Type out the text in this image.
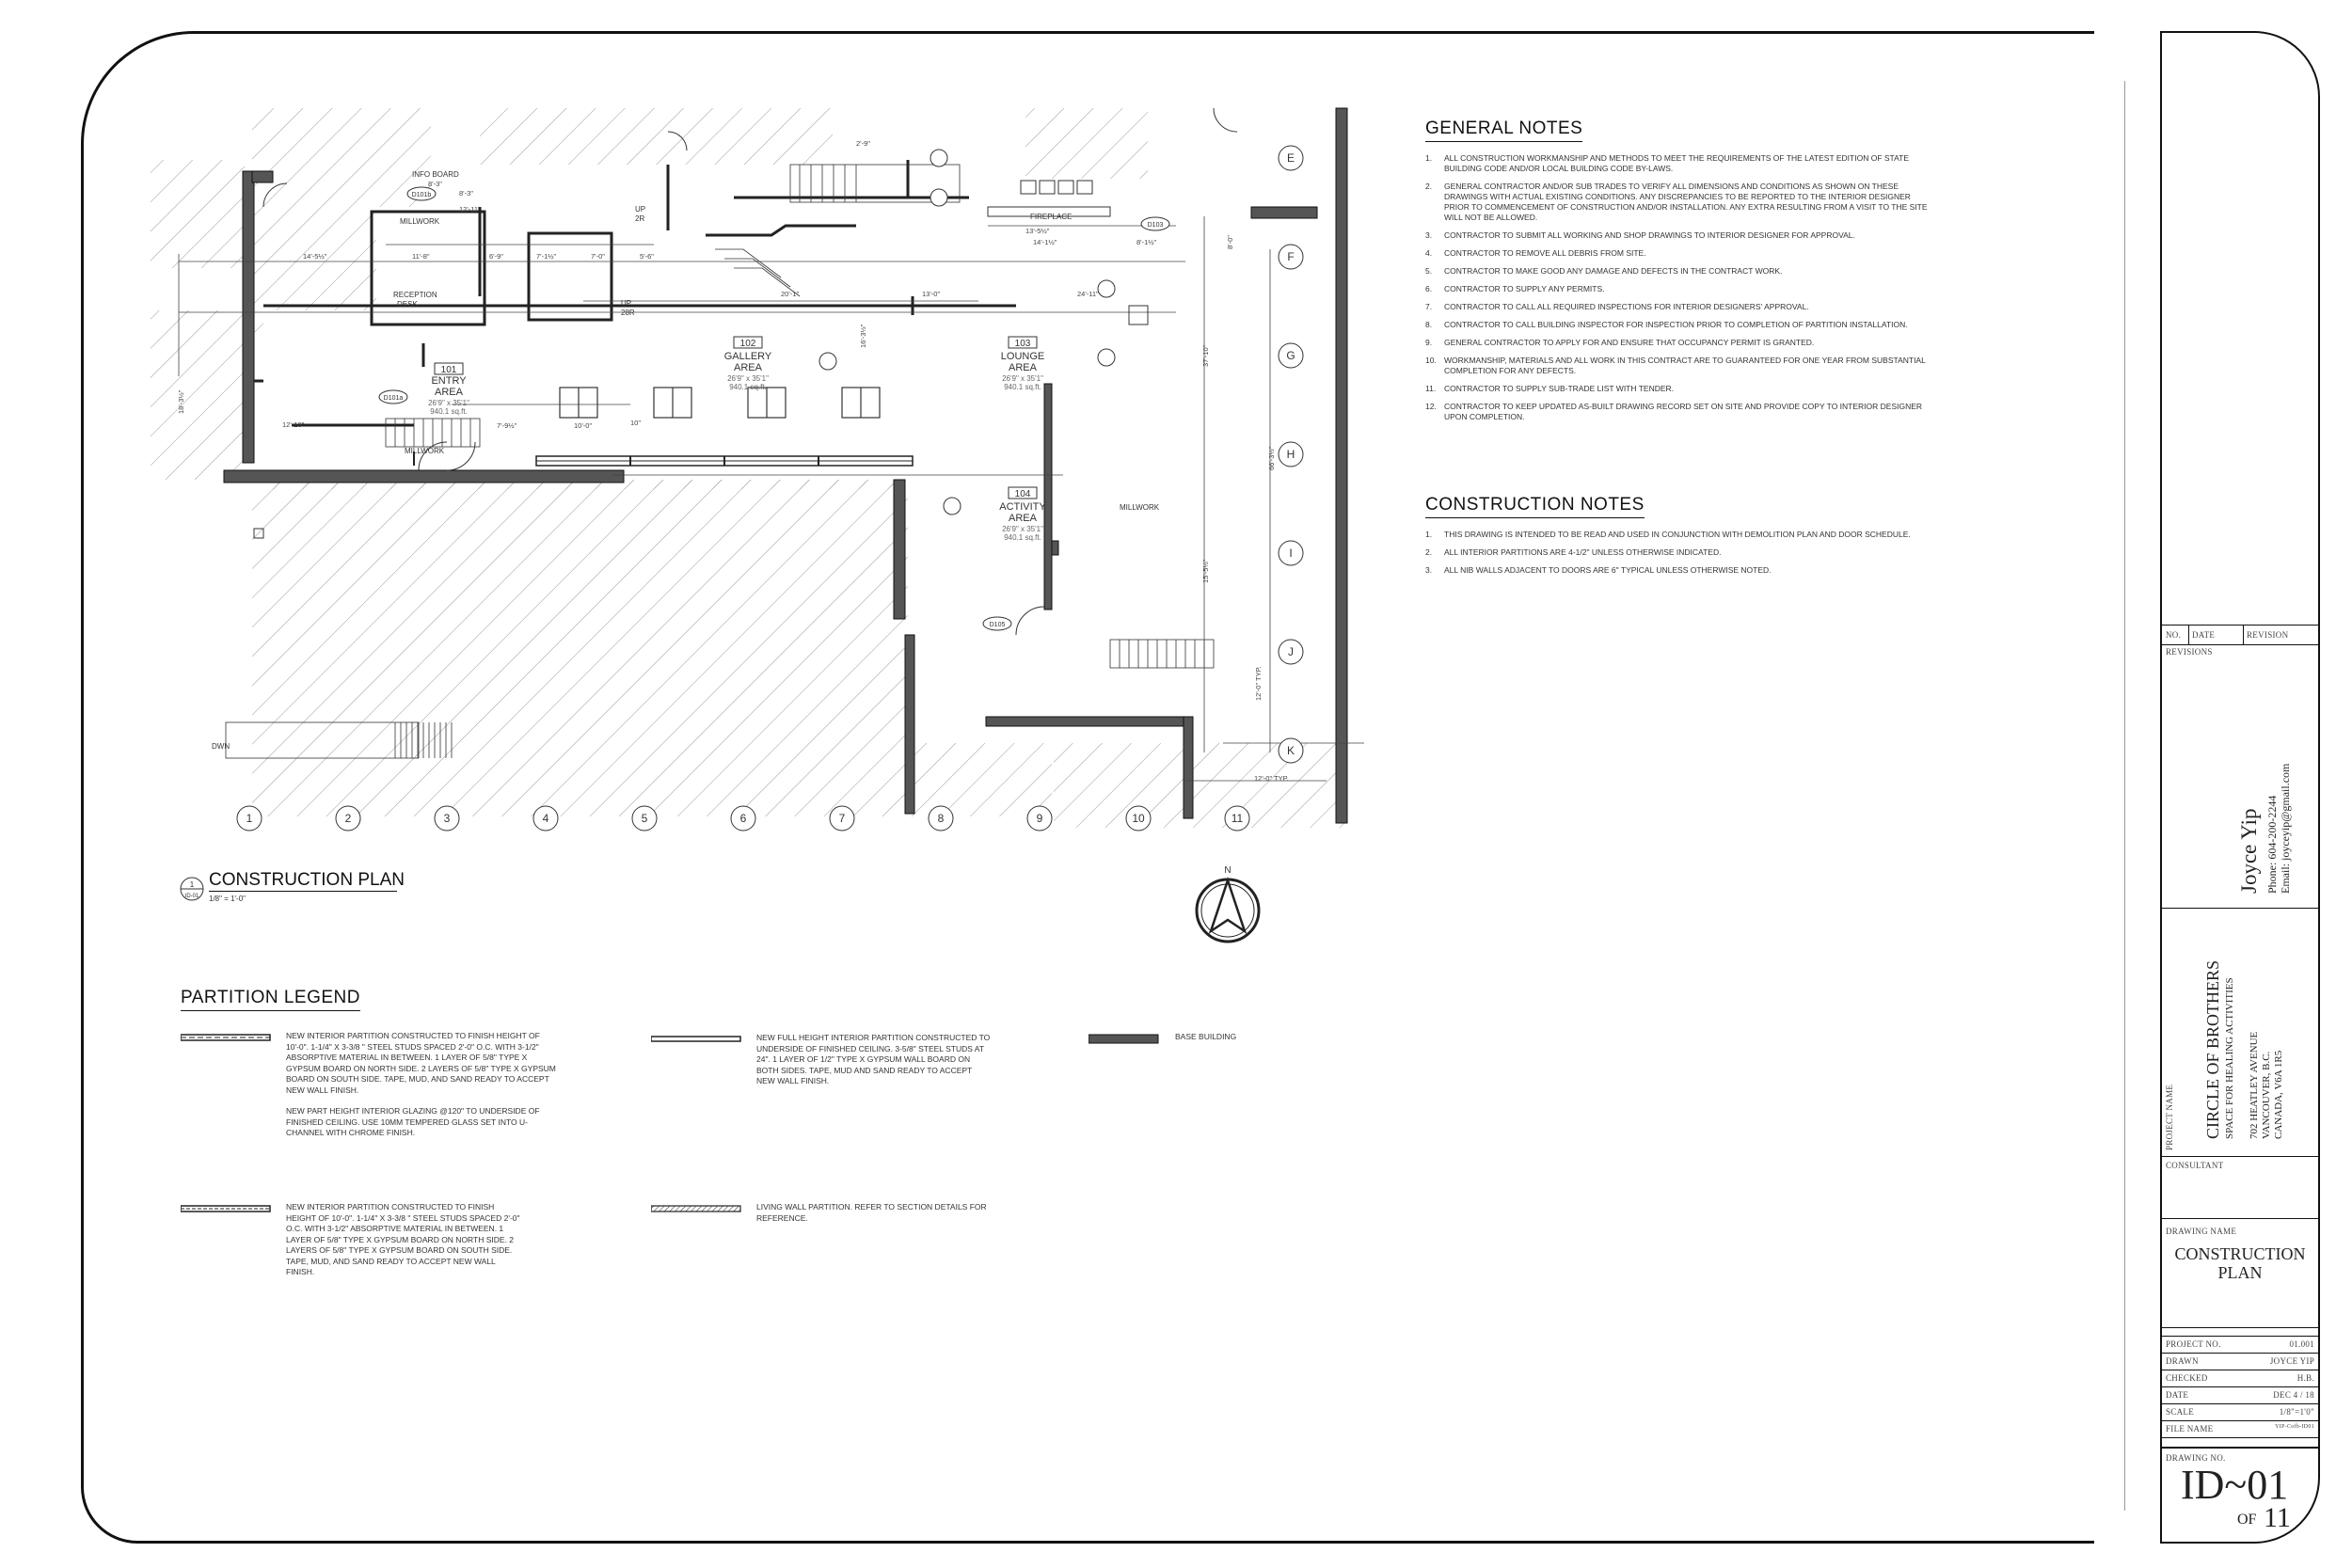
101
ENTRY
AREA
26'9" x 35'1"
940.1 sq.ft.
102
GALLERY
AREA
26'9" x 35'1"
940.1 sq.ft.
103
LOUNGE
AREA
26'9" x 35'1"
940.1 sq.ft.
104
ACTIVITY
AREA
26'9" x 35'1"
940.1 sq.ft.
INFO BOARD
MILLWORK
RECEPTION
DESK
MILLWORK
MILLWORK
FIREPLACE
UP
2R
UP
28R
DWN
D101b
D101a
D103
D105
8'-3"
8'-3"
12'-11"
14'-5½"	11'-8"	6'-9"	7'-1½"	7'-0"	5'-6"
20'-1"	13'-0"	24'-11"
13'-5½"
14'-1½"	8'-1½"
7'-9½"	10'-0"	10"
12'-10"
37'-10"
66'-3½"
15'-5½"
12'-0" TYP.
12'-0" TYP.
18'-3½"
16'-3½"
8'-0"
2'-9"
1	2	3	4	5	6	7	8	9	10	11
E
F
G
H
I
J
K
1
ID-01
CONSTRUCTION PLAN
1/8" = 1'-0"
N
GENERAL NOTES
1.	ALL CONSTRUCTION WORKMANSHIP AND METHODS TO MEET THE REQUIREMENTS OF THE LATEST EDITION OF STATE BUILDING CODE AND/OR LOCAL BUILDING CODE BY-LAWS.
2.	GENERAL CONTRACTOR AND/OR SUB TRADES TO VERIFY ALL DIMENSIONS AND CONDITIONS AS SHOWN ON THESE DRAWINGS WITH ACTUAL EXISTING CONDITIONS. ANY DISCREPANCIES TO BE REPORTED TO THE INTERIOR DESIGNER PRIOR TO COMMENCEMENT OF CONSTRUCTION AND/OR INSTALLATION. ANY EXTRA RESULTING FROM A VISIT TO THE SITE WILL NOT BE ALLOWED.
3.	CONTRACTOR TO SUBMIT ALL WORKING AND SHOP DRAWINGS TO INTERIOR DESIGNER FOR APPROVAL.
4.	CONTRACTOR TO REMOVE ALL DEBRIS FROM SITE.
5.	CONTRACTOR TO MAKE GOOD ANY DAMAGE AND DEFECTS IN THE CONTRACT WORK.
6.	CONTRACTOR TO SUPPLY ANY PERMITS.
7.	CONTRACTOR TO CALL ALL REQUIRED INSPECTIONS FOR INTERIOR DESIGNERS' APPROVAL.
8.	CONTRACTOR TO CALL BUILDING INSPECTOR FOR INSPECTION PRIOR TO COMPLETION OF PARTITION INSTALLATION.
9.	GENERAL CONTRACTOR TO APPLY FOR AND ENSURE THAT OCCUPANCY PERMIT IS GRANTED.
10. WORKMANSHIP, MATERIALS AND ALL WORK IN THIS CONTRACT ARE TO GUARANTEED FOR ONE YEAR FROM SUBSTANTIAL COMPLETION FOR ANY DEFECTS.
11.	CONTRACTOR TO SUPPLY SUB-TRADE LIST WITH TENDER.
12. CONTRACTOR TO KEEP UPDATED AS-BUILT DRAWING RECORD SET ON SITE AND PROVIDE COPY TO INTERIOR DESIGNER UPON COMPLETION.
CONSTRUCTION NOTES
1.	THIS DRAWING IS INTENDED TO BE READ AND USED IN CONJUNCTION WITH DEMOLITION PLAN AND DOOR SCHEDULE.
2.	ALL INTERIOR PARTITIONS ARE 4-1/2" UNLESS OTHERWISE INDICATED.
3.	ALL NIB WALLS ADJACENT TO DOORS ARE 6" TYPICAL UNLESS OTHERWISE NOTED.
PARTITION LEGEND
NEW INTERIOR PARTITION CONSTRUCTED TO FINISH HEIGHT OF 10'-0". 1-1/4" X 3-3/8 " STEEL STUDS SPACED 2'-0" O.C. WITH 3-1/2" ABSORPTIVE MATERIAL IN BETWEEN. 1 LAYER OF 5/8" TYPE X GYPSUM BOARD ON NORTH SIDE. 2 LAYERS OF 5/8" TYPE X GYPSUM BOARD ON SOUTH SIDE. TAPE, MUD, AND SAND READY TO ACCEPT NEW WALL FINISH.
NEW PART HEIGHT INTERIOR GLAZING @120" TO UNDERSIDE OF FINISHED CEILING. USE 10MM TEMPERED GLASS SET INTO U-CHANNEL WITH CHROME FINISH.
NEW FULL HEIGHT INTERIOR PARTITION CONSTRUCTED TO UNDERSIDE OF FINISHED CEILING. 3-5/8" STEEL STUDS AT 24". 1 LAYER OF 1/2" TYPE X GYPSUM WALL BOARD ON BOTH SIDES. TAPE, MUD AND SAND READY TO ACCEPT NEW WALL FINISH.
BASE BUILDING
NEW INTERIOR PARTITION CONSTRUCTED TO FINISH HEIGHT OF 10'-0". 1-1/4" X 3-3/8 " STEEL STUDS SPACED 2'-0" O.C. WITH 3-1/2" ABSORPTIVE MATERIAL IN BETWEEN. 1 LAYER OF 5/8" TYPE X GYPSUM BOARD ON NORTH SIDE. 2 LAYERS OF 5/8" TYPE X GYPSUM BOARD ON SOUTH SIDE. TAPE, MUD, AND SAND READY TO ACCEPT NEW WALL FINISH.
LIVING WALL PARTITION. REFER TO SECTION DETAILS FOR REFERENCE.
NO. DATE	REVISION
REVISIONS
Joyce Yip Phone: 604-200-2244 Email: joyceyip@gmail.com
PROJECT NAME CIRCLE OF BROTHERS SPACE FOR HEALING ACTIVITIES 702 HEATLEY AVENUE VANCOUVER, B.C. CANADA, V6A 1R5
CONSULTANT
DRAWING NAME
CONSTRUCTION
PLAN
PROJECT NO.	01.001
DRAWN	JOYCE YIP
CHECKED	H.B.
DATE	DEC 4 / 18
SCALE	1/8"=1'0"
FILE NAME	YIP-Cofb-ID01
DRAWING NO.
ID~01
OF 11
